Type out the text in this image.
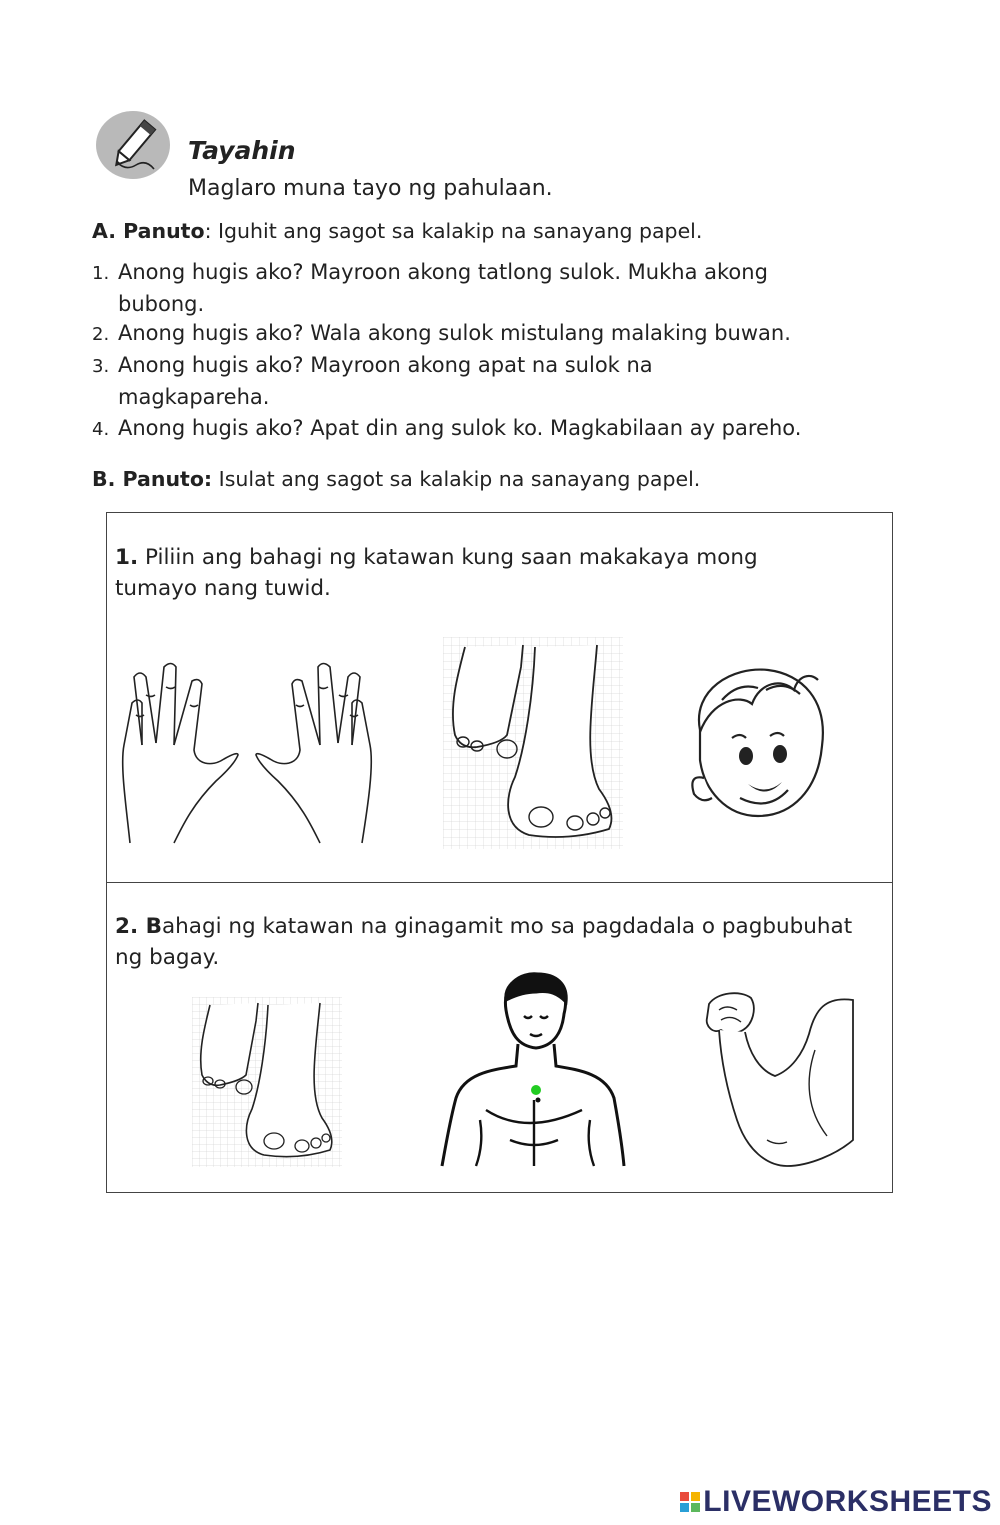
Tayahin
Maglaro muna tayo ng pahulaan.
A. Panuto: Iguhit ang sagot sa kalakip na sanayang papel.
1. Anong hugis ako? Mayroon akong tatlong sulok. Mukha akong
bubong.
2. Anong hugis ako? Wala akong sulok mistulang malaking buwan.
3. Anong hugis ako? Mayroon akong apat na sulok na
magkapareha.
4. Anong hugis ako? Apat din ang sulok ko. Magkabilaan ay pareho.
B. Panuto: Isulat ang sagot sa kalakip na sanayang papel.
1. Piliin ang bahagi ng katawan kung saan makakaya mong
tumayo nang tuwid.
2. Bahagi ng katawan na ginagamit mo sa pagdadala o pagbubuhat
ng bagay.
LIVEWORKSHEETS
